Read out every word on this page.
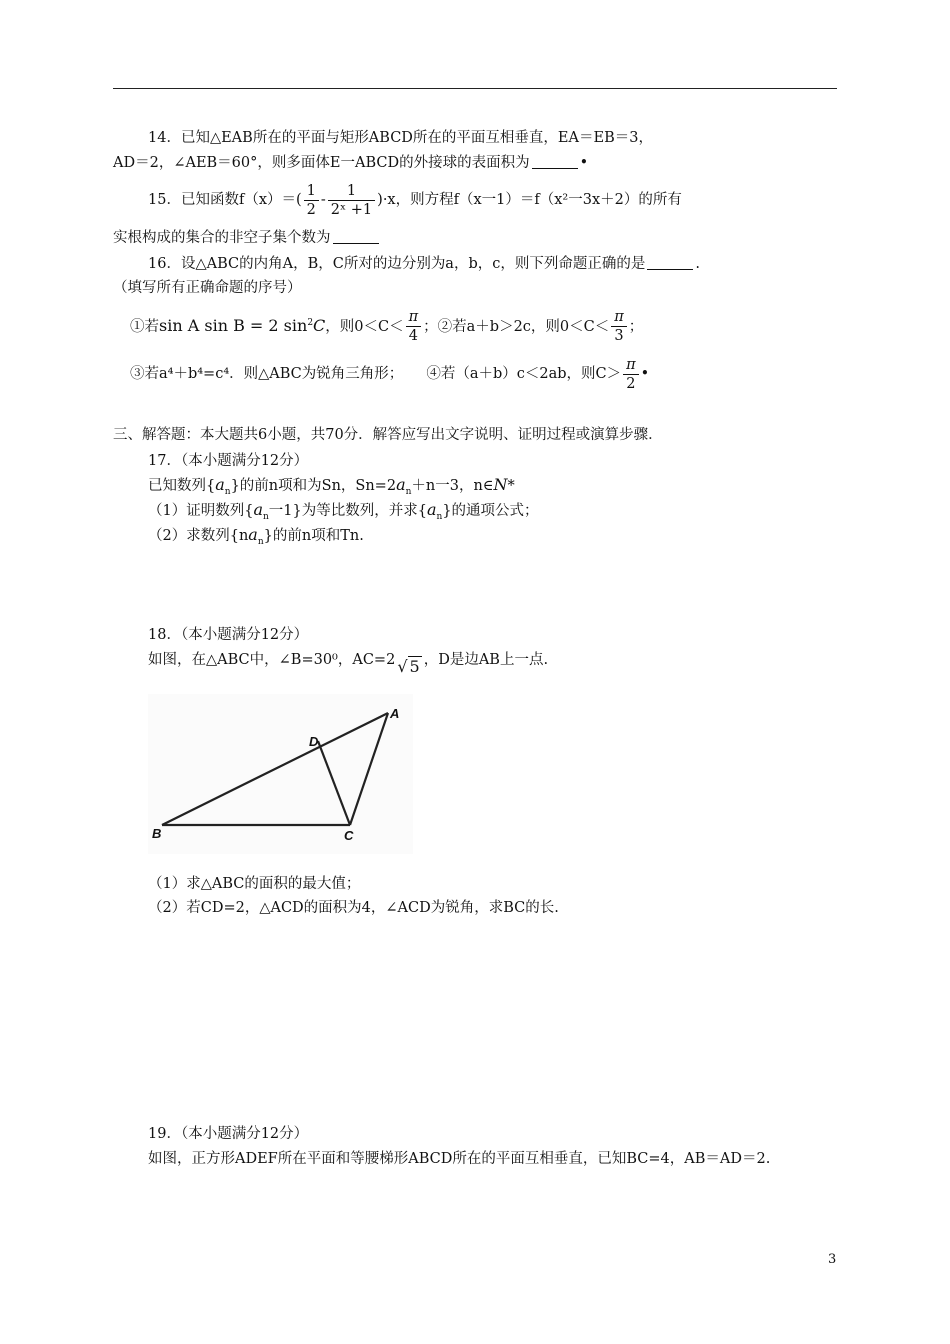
14．已知△EAB所在的平面与矩形ABCD所在的平面互相垂直，EA＝EB＝3，
AD＝2，∠AEB＝60°，则多面体E一ABCD的外接球的表面积为	•
15．已知函数$f(x)=( \frac{1}{2} - \frac{1}{\text{2ˣ +1}} )\cdot x$，则方程f（x一1）＝f（x²一3x＋2）的所有
实根构成的集合的非空子集个数为
16．设△ABC的内角A，B，C所对的边分别为a，b，c，则下列命题正确的是	.
（填写所有正确命题的序号）
①若sin A sin B = 2 $\sin^2C$，则$0<C< \frac{\pi}{4}$ ；②若a＋b＞2c，则$0<C< \frac{\pi}{3}$ ；
③若a⁴＋b⁴=c⁴．则△ABC为锐角三角形； ④若（a＋b）c＜2ab，则$C> \frac{\pi}{2}$ •
三、解答题：本大题共6小题，共70分．解答应写出文字说明、证明过程或演算步骤．
17．（本小题满分12分）
已知数列$\{a_n\}$的前n项和为Sn，$Sn=2a_n+n$一3，n∈N*
（1）证明数列{$a_n$一1}为等比数列，并求$\{a_n\}$的通项公式；
（2）求数列$\{na_n\}$的前n项和Tn.
18．（本小题满分12分）
如图，在△ABC中，∠B=30⁰，AC=2 √ 5 ，D是边AB上一点.
A
B	C
D
（1）求△ABC的面积的最大值；
（2）若CD=2，△ACD的面积为4，∠ACD为锐角，求BC的长.
19．（本小题满分12分）
如图，正方形ADEF所在平面和等腰梯形ABCD所在的平面互相垂直，已知BC=4，AB＝AD＝2.
3
